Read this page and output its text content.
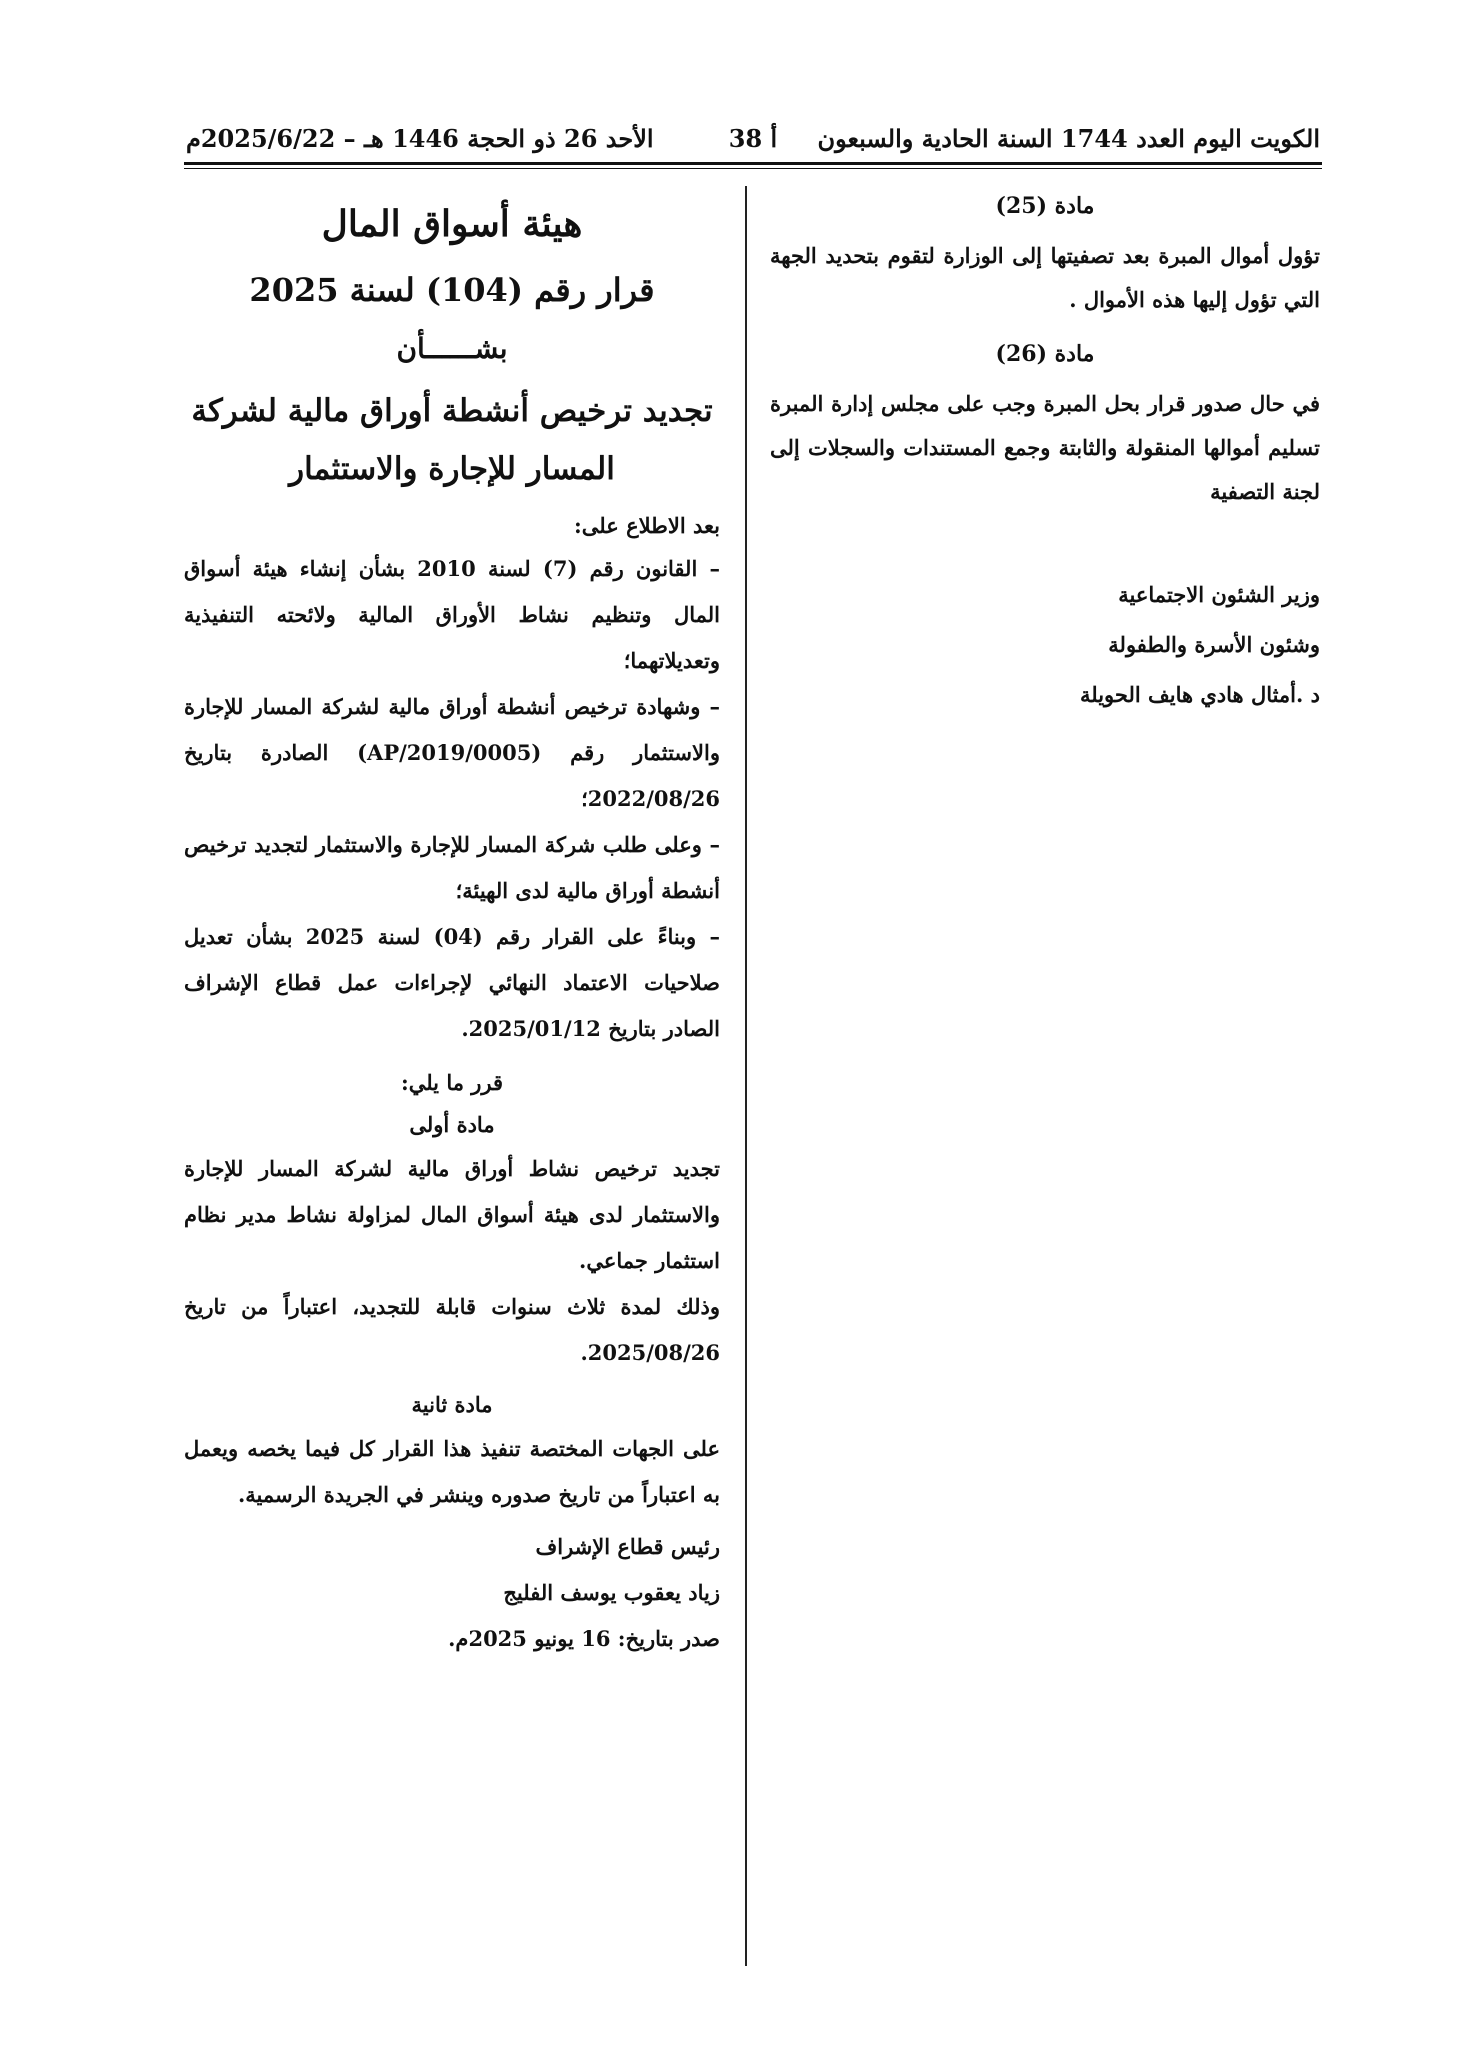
الكويت اليوم العدد 1744 السنة الحادية والسبعون
أ 38
الأحد 26 ذو الحجة 1446 هـ – 2025/6/22م
مادة (25)

تؤول أموال المبرة بعد تصفيتها إلى الوزارة لتقوم بتحديد الجهة التي تؤول إليها هذه الأموال .

مادة (26)

في حال صدور قرار بحل المبرة وجب على مجلس إدارة المبرة تسليم أموالها المنقولة والثابتة وجمع المستندات والسجلات إلى لجنة التصفية

وزير الشئون الاجتماعية
وشئون الأسرة والطفولة
د .أمثال هادي هايف الحويلة
هيئة أسواق المال
قرار رقم (104) لسنة 2025
بشــــــأن
تجديد ترخيص أنشطة أوراق مالية لشركة المسار للإجارة والاستثمار
بعد الاطلاع على:

– القانون رقم (7) لسنة 2010 بشأن إنشاء هيئة أسواق المال وتنظيم نشاط الأوراق المالية ولائحته التنفيذية وتعديلاتهما؛

– وشهادة ترخيص أنشطة أوراق مالية لشركة المسار للإجارة والاستثمار رقم (AP/2019/0005) الصادرة بتاريخ 2022/08/26؛

– وعلى طلب شركة المسار للإجارة والاستثمار لتجديد ترخيص أنشطة أوراق مالية لدى الهيئة؛

– وبناءً على القرار رقم (04) لسنة 2025 بشأن تعديل صلاحيات الاعتماد النهائي لإجراءات عمل قطاع الإشراف الصادر بتاريخ 2025/01/12.

قرر ما يلي:
مادة أولى

تجديد ترخيص نشاط أوراق مالية لشركة المسار للإجارة والاستثمار لدى هيئة أسواق المال لمزاولة نشاط مدير نظام استثمار جماعي.

وذلك لمدة ثلاث سنوات قابلة للتجديد، اعتباراً من تاريخ 2025/08/26.

مادة ثانية

على الجهات المختصة تنفيذ هذا القرار كل فيما يخصه ويعمل به اعتباراً من تاريخ صدوره وينشر في الجريدة الرسمية.

رئيس قطاع الإشراف
زياد يعقوب يوسف الفليج
صدر بتاريخ: 16 يونيو 2025م.
